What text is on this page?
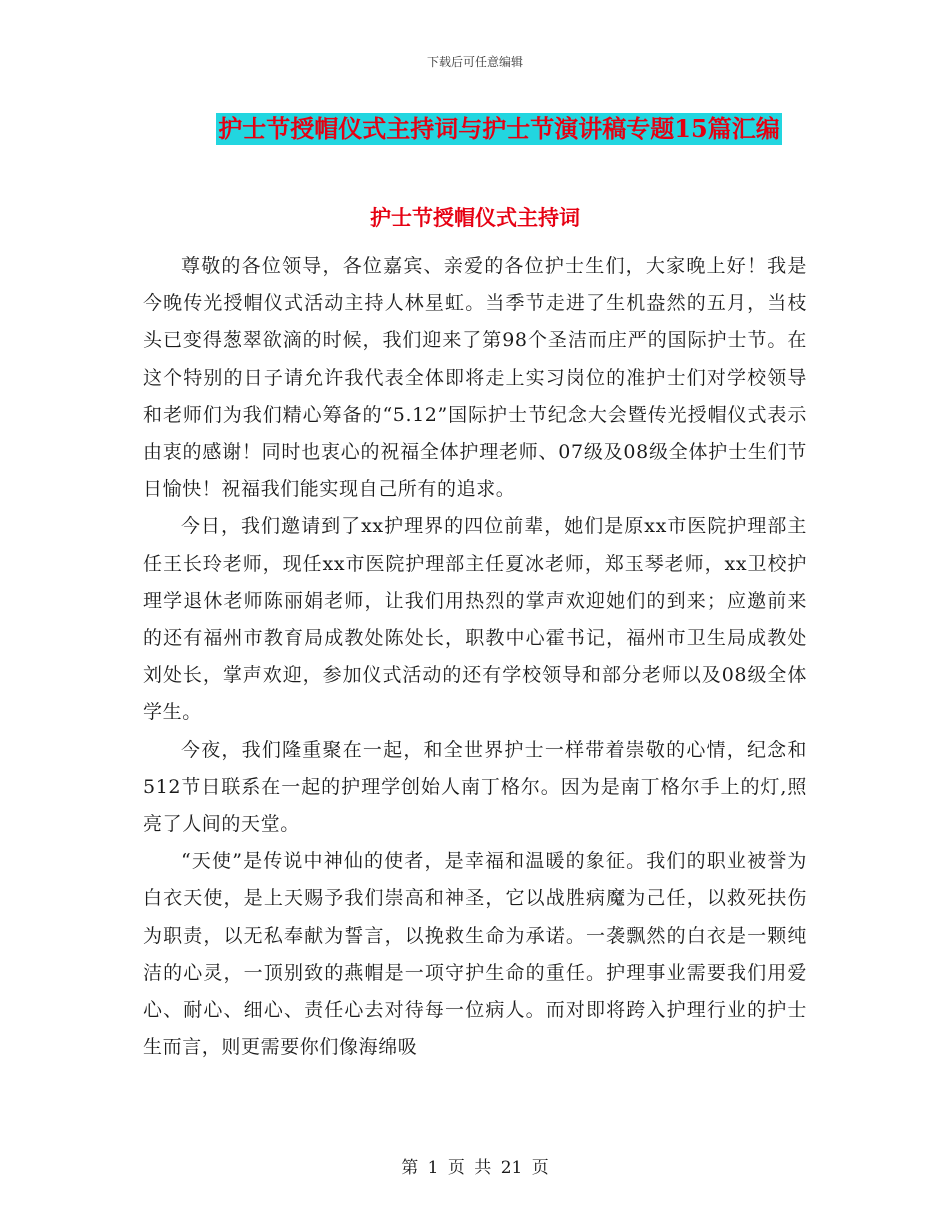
下载后可任意编辑
护士节授帽仪式主持词与护士节演讲稿专题15篇汇编
护士节授帽仪式主持词

尊敬的各位领导，各位嘉宾、亲爱的各位护士生们，大家晚上好！我是今晚传光授帽仪式活动主持人林星虹。当季节走进了生机盎然的五月，当枝头已变得葱翠欲滴的时候，我们迎来了第98个圣洁而庄严的国际护士节。在这个特别的日子请允许我代表全体即将走上实习岗位的准护士们对学校领导和老师们为我们精心筹备的“5.12”国际护士节纪念大会暨传光授帽仪式表示由衷的感谢！同时也衷心的祝福全体护理老师、07级及08级全体护士生们节日愉快！祝福我们能实现自己所有的追求。

今日，我们邀请到了xx护理界的四位前辈，她们是原xx市医院护理部主任王长玲老师，现任xx市医院护理部主任夏冰老师，郑玉琴老师，xx卫校护理学退休老师陈丽娟老师，让我们用热烈的掌声欢迎她们的到来；应邀前来的还有福州市教育局成教处陈处长，职教中心霍书记，福州市卫生局成教处刘处长，掌声欢迎，参加仪式活动的还有学校领导和部分老师以及08级全体学生。

今夜，我们隆重聚在一起，和全世界护士一样带着崇敬的心情，纪念和512节日联系在一起的护理学创始人南丁格尔。因为是南丁格尔手上的灯,照亮了人间的天堂。

“天使”是传说中神仙的使者，是幸福和温暖的象征。我们的职业被誉为白衣天使，是上天赐予我们崇高和神圣，它以战胜病魔为己任，以救死扶伤为职责，以无私奉献为誓言，以挽救生命为承诺。一袭飘然的白衣是一颗纯洁的心灵，一顶别致的燕帽是一项守护生命的重任。护理事业需要我们用爱心、耐心、细心、责任心去对待每一位病人。而对即将跨入护理行业的护士生而言，则更需要你们像海绵吸

第 1 页 共 21 页
